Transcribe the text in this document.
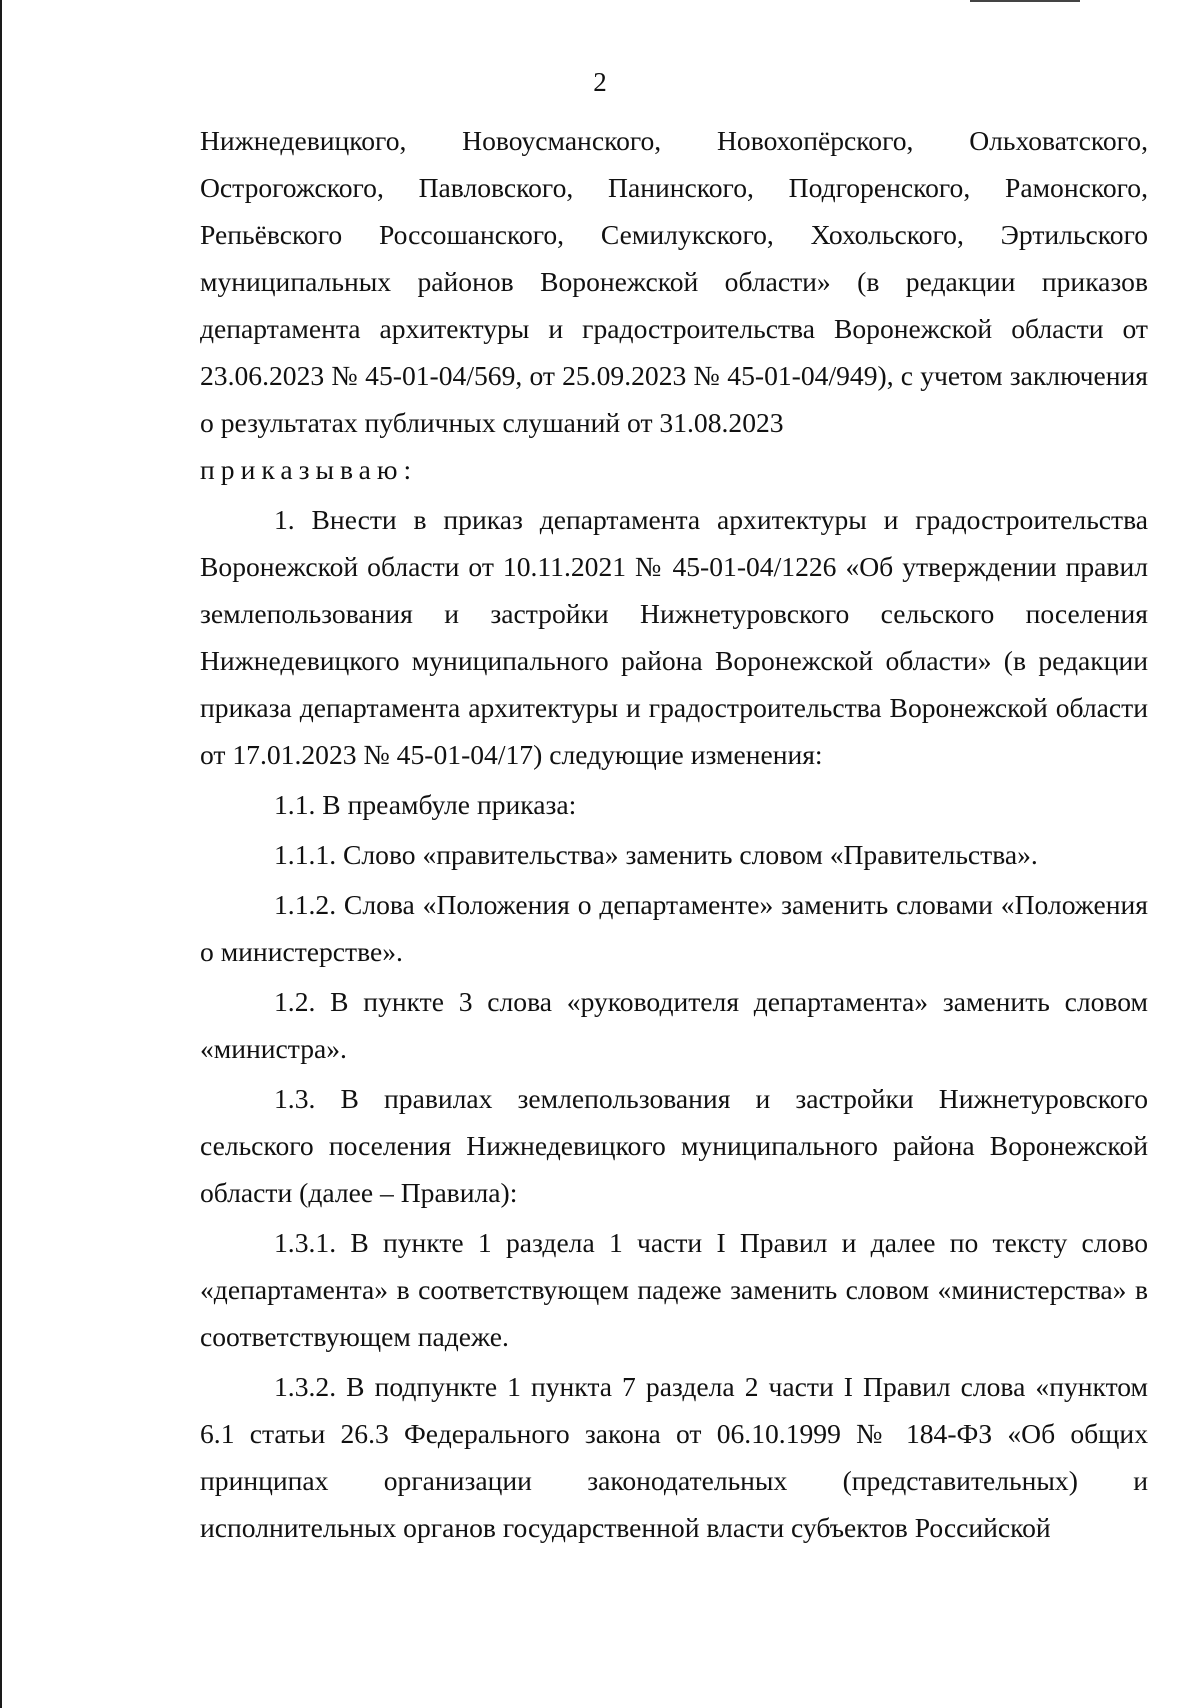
2

Нижнедевицкого, Новоусманского, Новохопёрского, Ольховатского, Острогожского, Павловского, Панинского, Подгоренского, Рамонского, Репьёвского Россошанского, Семилукского, Хохольского, Эртильского муниципальных районов Воронежской области» (в редакции приказов департамента архитектуры и градостроительства Воронежской области от 23.06.2023 № 45-01-04/569, от 25.09.2023 № 45-01-04/949), с учетом заключения о результатах публичных слушаний от 31.08.2023

приказываю:

1. Внести в приказ департамента архитектуры и градостроительства Воронежской области от 10.11.2021 № 45-01-04/1226 «Об утверждении правил землепользования и застройки Нижнетуровского сельского поселения Нижнедевицкого муниципального района Воронежской области» (в редакции приказа департамента архитектуры и градостроительства Воронежской области от 17.01.2023 № 45-01-04/17) следующие изменения:

1.1. В преамбуле приказа:

1.1.1. Слово «правительства» заменить словом «Правительства».

1.1.2. Слова «Положения о департаменте» заменить словами «Положения о министерстве».

1.2. В пункте 3 слова «руководителя департамента» заменить словом «министра».

1.3. В правилах землепользования и застройки Нижнетуровского сельского поселения Нижнедевицкого муниципального района Воронежской области (далее – Правила):

1.3.1. В пункте 1 раздела 1 части I Правил и далее по тексту слово «департамента» в соответствующем падеже заменить словом «министерства» в соответствующем падеже.

1.3.2. В подпункте 1 пункта 7 раздела 2 части I Правил слова «пунктом 6.1 статьи 26.3 Федерального закона от 06.10.1999 № 184-ФЗ «Об общих принципах организации законодательных (представительных) и исполнительных органов государственной власти субъектов Российской
